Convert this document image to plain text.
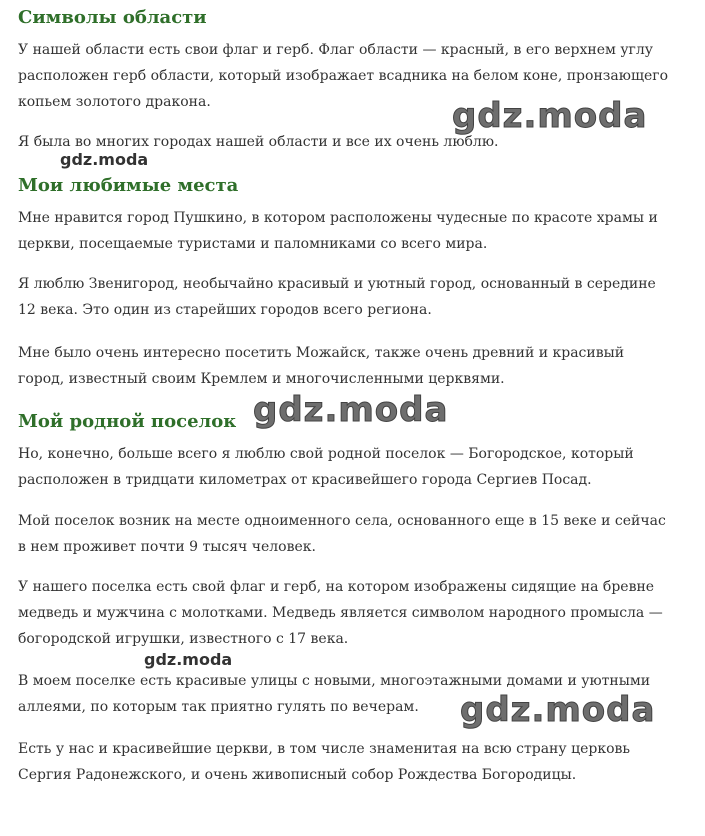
Символы области

У нашей области есть свои флаг и герб. Флаг области — красный, в его верхнем углу расположен герб области, который изображает всадника на белом коне, пронзающего копьем золотого дракона.

Я была во многих городах нашей области и все их очень люблю.

Мои любимые места

Мне нравится город Пушкино, в котором расположены чудесные по красоте храмы и церкви, посещаемые туристами и паломниками со всего мира.

Я люблю Звенигород, необычайно красивый и уютный город, основанный в середине 12 века. Это один из старейших городов всего региона.

Мне было очень интересно посетить Можайск, также очень древний и красивый город, известный своим Кремлем и многочисленными церквями.

Мой родной поселок

Но, конечно, больше всего я люблю свой родной поселок — Богородское, который расположен в тридцати километрах от красивейшего города Сергиев Посад.

Мой поселок возник на месте одноименного села, основанного еще в 15 веке и сейчас в нем проживет почти 9 тысяч человек.

У нашего поселка есть свой флаг и герб, на котором изображены сидящие на бревне медведь и мужчина с молотками. Медведь является символом народного промысла — богородской игрушки, известного с 17 века.

В моем поселке есть красивые улицы с новыми, многоэтажными домами и уютными аллеями, по которым так приятно гулять по вечерам.

Есть у нас и красивейшие церкви, в том числе знаменитая на всю страну церковь Сергия Радонежского, и очень живописный собор Рождества Богородицы.

gdz.moda
gdz.moda
gdz.moda
gdz.moda
gdz.moda
